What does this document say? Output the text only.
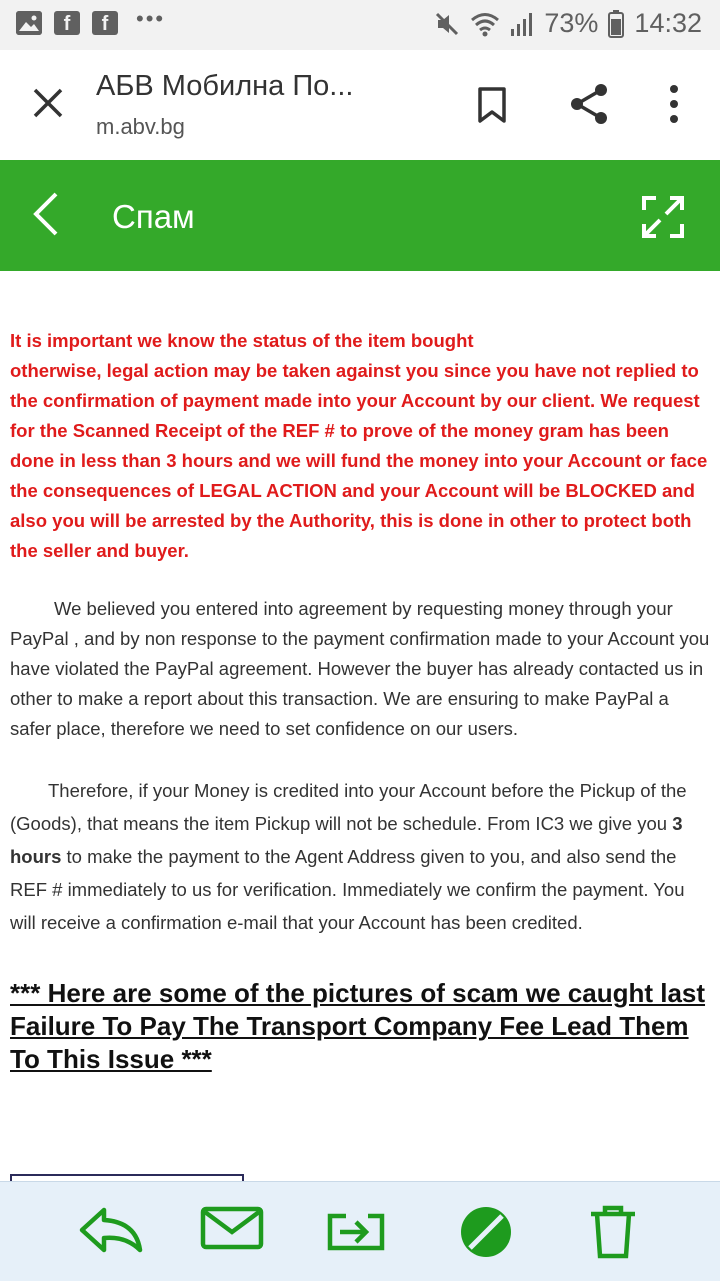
f	f	•••	73% 14:32
АБВ Мобилна По...
m.abv.bg
Спам

It is important we know the status of the item bought
otherwise, legal action may be taken against you since you have not replied to the confirmation of payment made into your Account by our client. We request for the Scanned Receipt of the REF # to prove of the money gram has been done in less than 3 hours and we will fund the money into your Account or face the consequences of LEGAL ACTION and your Account will be BLOCKED and also you will be arrested by the Authority, this is done in other to protect both the seller and buyer.

We believed you entered into agreement by requesting money through your PayPal , and by non response to the payment confirmation made to your Account you have violated the PayPal agreement. However the buyer has already contacted us in other to make a report about this transaction. We are ensuring to make PayPal a safer place, therefore we need to set confidence on our users.

Therefore, if your Money is credited into your Account before the Pickup of the (Goods), that means the item Pickup will not be schedule. From IC3 we give you 3 hours to make the payment to the Agent Address given to you, and also send the REF # immediately to us for verification. Immediately we confirm the payment. You will receive a confirmation e-mail that your Account has been credited.

*** Here are some of the pictures of scam we caught last Failure To Pay The Transport Company Fee Lead Them To This Issue ***
